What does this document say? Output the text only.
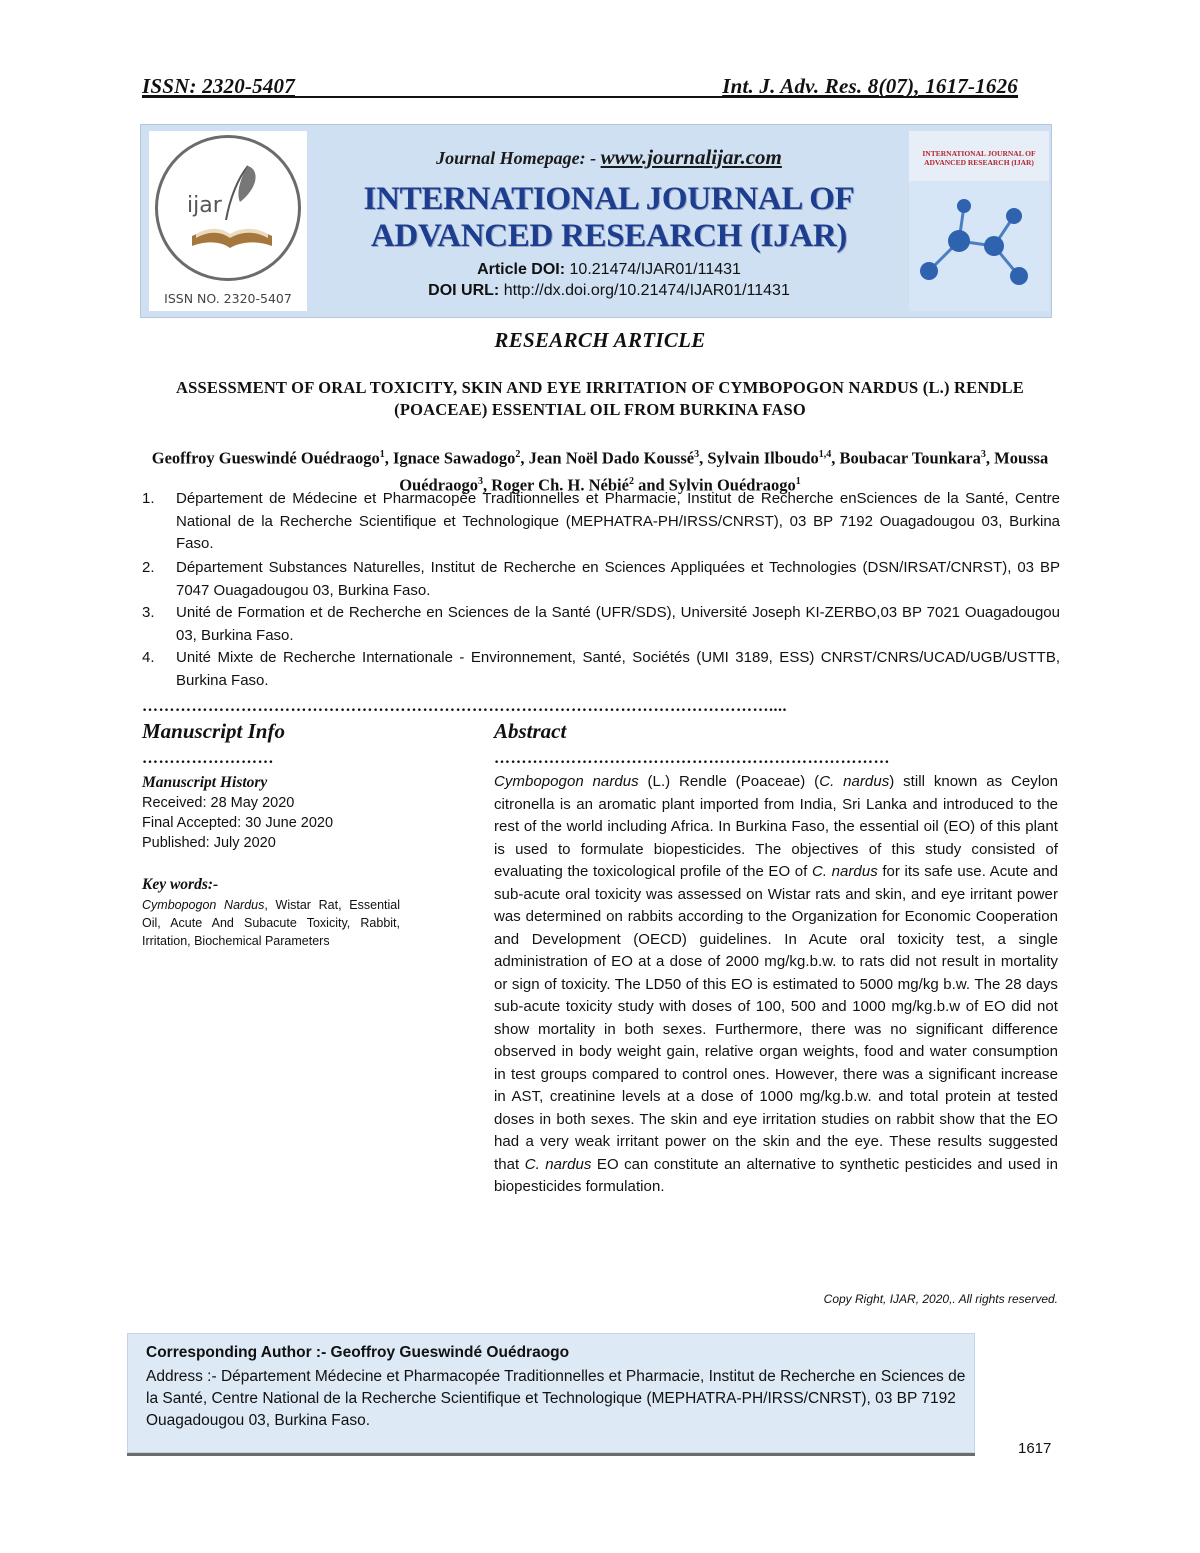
ISSN: 2320-5407	Int. J. Adv. Res. 8(07), 1617-1626
ijar
ISSN NO. 2320-5407
Journal Homepage: - www.journalijar.com
INTERNATIONAL JOURNAL OF
ADVANCED RESEARCH (IJAR)
Article DOI: 10.21474/IJAR01/11431
DOI URL: http://dx.doi.org/10.21474/IJAR01/11431
INTERNATIONAL JOURNAL OF ADVANCED RESEARCH (IJAR)
RESEARCH ARTICLE
ASSESSMENT OF ORAL TOXICITY, SKIN AND EYE IRRITATION OF CYMBOPOGON NARDUS (L.) RENDLE (POACEAE) ESSENTIAL OIL FROM BURKINA FASO
Geoffroy Gueswindé Ouédraogo$^1$, Ignace Sawadogo$^2$, Jean Noël Dado Koussé$^3$, Sylvain Ilboudo$^{1,4}$, Boubacar Tounkara$^3$, Moussa Ouédraogo$^3$, Roger Ch. H. Nébié$^2$ and Sylvin Ouédraogo$^1$
1.	Département de Médecine et Pharmacopée Traditionnelles et Pharmacie, Institut de Recherche enSciences de la Santé, Centre National de la Recherche Scientifique et Technologique (MEPHATRA-PH/IRSS/CNRST), 03 BP 7192 Ouagadougou 03, Burkina Faso.
2.	Département Substances Naturelles, Institut de Recherche en Sciences Appliquées et Technologies (DSN/IRSAT/CNRST), 03 BP 7047 Ouagadougou 03, Burkina Faso.
3.	Unité de Formation et de Recherche en Sciences de la Santé (UFR/SDS), Université Joseph KI-ZERBO,03 BP 7021 Ouagadougou 03, Burkina Faso.
4.	Unité Mixte de Recherche Internationale - Environnement, Santé, Sociétés (UMI 3189, ESS) CNRST/CNRS/UCAD/UGB/USTTB, Burkina Faso.
……………………………………………………………………………………………………....
Manuscript Info
……………………
Manuscript History
Received: 28 May 2020
Final Accepted: 30 June 2020
Published: July 2020
Key words:-
Cymbopogon Nardus, Wistar Rat, Essential Oil, Acute And Subacute Toxicity, Rabbit, Irritation, Biochemical Parameters
Abstract
………………………………………………………………
Cymbopogon nardus (L.) Rendle (Poaceae) (C. nardus) still known as Ceylon citronella is an aromatic plant imported from India, Sri Lanka and introduced to the rest of the world including Africa. In Burkina Faso, the essential oil (EO) of this plant is used to formulate biopesticides. The objectives of this study consisted of evaluating the toxicological profile of the EO of C. nardus for its safe use. Acute and sub-acute oral toxicity was assessed on Wistar rats and skin, and eye irritant power was determined on rabbits according to the Organization for Economic Cooperation and Development (OECD) guidelines. In Acute oral toxicity test, a single administration of EO at a dose of 2000 mg/kg.b.w. to rats did not result in mortality or sign of toxicity. The LD50 of this EO is estimated to 5000 mg/kg b.w. The 28 days sub-acute toxicity study with doses of 100, 500 and 1000 mg/kg.b.w of EO did not show mortality in both sexes. Furthermore, there was no significant difference observed in body weight gain, relative organ weights, food and water consumption in test groups compared to control ones. However, there was a significant increase in AST, creatinine levels at a dose of 1000 mg/kg.b.w. and total protein at tested doses in both sexes. The skin and eye irritation studies on rabbit show that the EO had a very weak irritant power on the skin and the eye. These results suggested that C. nardus EO can constitute an alternative to synthetic pesticides and used in biopesticides formulation.
Copy Right, IJAR, 2020,. All rights reserved.
Corresponding Author :- Geoffroy Gueswindé Ouédraogo
Address :- Département Médecine et Pharmacopée Traditionnelles et Pharmacie, Institut de Recherche en Sciences de la Santé, Centre National de la Recherche Scientifique et Technologique (MEPHATRA-PH/IRSS/CNRST), 03 BP 7192 Ouagadougou 03, Burkina Faso.
1617
